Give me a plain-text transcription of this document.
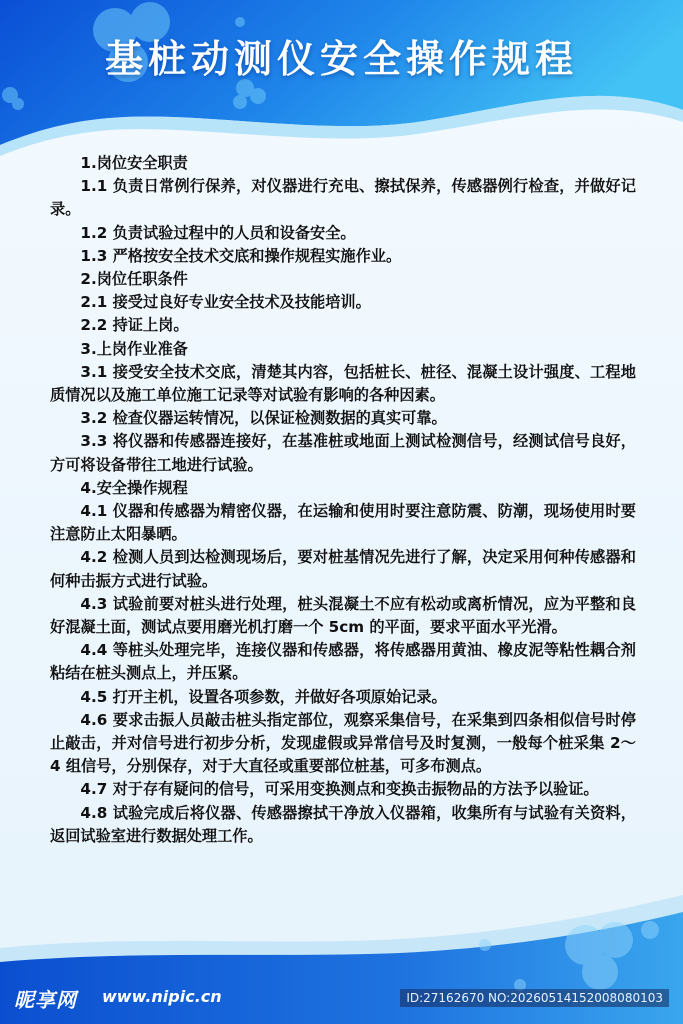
基桩动测仪安全操作规程

1.岗位安全职责

1.1 负责日常例行保养，对仪器进行充电、擦拭保养，传感器例行检查，并做好记录。

1.2 负责试验过程中的人员和设备安全。

1.3 严格按安全技术交底和操作规程实施作业。

2.岗位任职条件

2.1 接受过良好专业安全技术及技能培训。

2.2 持证上岗。

3.上岗作业准备

3.1 接受安全技术交底，清楚其内容，包括桩长、桩径、混凝土设计强度、工程地质情况以及施工单位施工记录等对试验有影响的各种因素。

3.2 检查仪器运转情况，以保证检测数据的真实可靠。

3.3 将仪器和传感器连接好，在基准桩或地面上测试检测信号，经测试信号良好，方可将设备带往工地进行试验。

4.安全操作规程

4.1 仪器和传感器为精密仪器，在运输和使用时要注意防震、防潮，现场使用时要注意防止太阳暴晒。

4.2 检测人员到达检测现场后，要对桩基情况先进行了解，决定采用何种传感器和何种击振方式进行试验。

4.3 试验前要对桩头进行处理，桩头混凝土不应有松动或离析情况，应为平整和良好混凝土面，测试点要用磨光机打磨一个 5cm 的平面，要求平面水平光滑。

4.4 等桩头处理完毕，连接仪器和传感器，将传感器用黄油、橡皮泥等粘性耦合剂粘结在桩头测点上，并压紧。

4.5 打开主机，设置各项参数，并做好各项原始记录。

4.6 要求击振人员敲击桩头指定部位，观察采集信号，在采集到四条相似信号时停止敲击，并对信号进行初步分析，发现虚假或异常信号及时复测，一般每个桩采集 2～4 组信号，分别保存，对于大直径或重要部位桩基，可多布测点。

4.7 对于存有疑问的信号，可采用变换测点和变换击振物品的方法予以验证。

4.8 试验完成后将仪器、传感器擦拭干净放入仪器箱，收集所有与试验有关资料，返回试验室进行数据处理工作。

昵享网 www.nipic.cn	ID:27162670 NO:20260514152008080103
